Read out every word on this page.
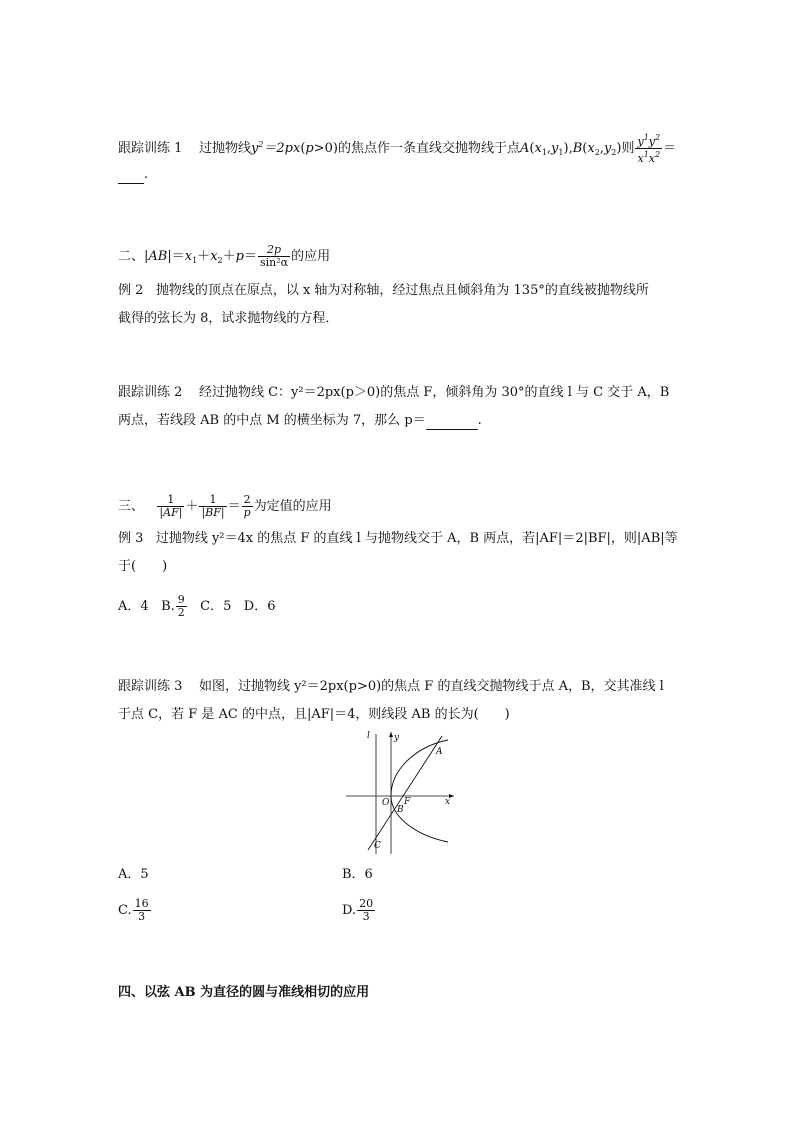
跟踪训练 1 过抛物线$y^2=2px(p>0)$的焦点作一条直线交抛物线于点$A(x_1,y_1),B(x_2,y_2)$则 $\frac{y^1y^2}{x^1x^2}$ ＝
.
二、$|AB|=x_1+x_2+p= \frac{2p}{\text{sin²α}}$ 的应用
例 2 抛物线的顶点在原点，以 x 轴为对称轴，经过焦点且倾斜角为 135°的直线被抛物线所
截得的弦长为 8，试求抛物线的方程．
跟踪训练 2 经过抛物线 C：y²＝2px(p＞0)的焦点 F，倾斜角为 30°的直线 l 与 C 交于 A，B
两点，若线段 AB 的中点 M 的横坐标为 7，那么 p＝	.
三、 $\frac{1}{|AF|} + \frac{1}{|BF|} = \frac{2}{p}$ 为定值的应用
例 3 过抛物线 y²＝4x 的焦点 F 的直线 l 与抛物线交于 A，B 两点，若|AF|＝2|BF|，则|AB|等
于(　　)
A．4 B. $\frac{9}{2}$ C．5 D．6
跟踪训练 3 如图，过抛物线 y²＝2px(p>0)的焦点 F 的直线交抛物线于点 A，B，交其准线 l
于点 C，若 F 是 AC 的中点，且|AF|＝4，则线段 AB 的长为(　　)
l	y
x
O F
A
B
C
A．5	B．6
C. $\frac{16}{3}$	D. $\frac{20}{3}$
四、以弦 AB 为直径的圆与准线相切的应用
